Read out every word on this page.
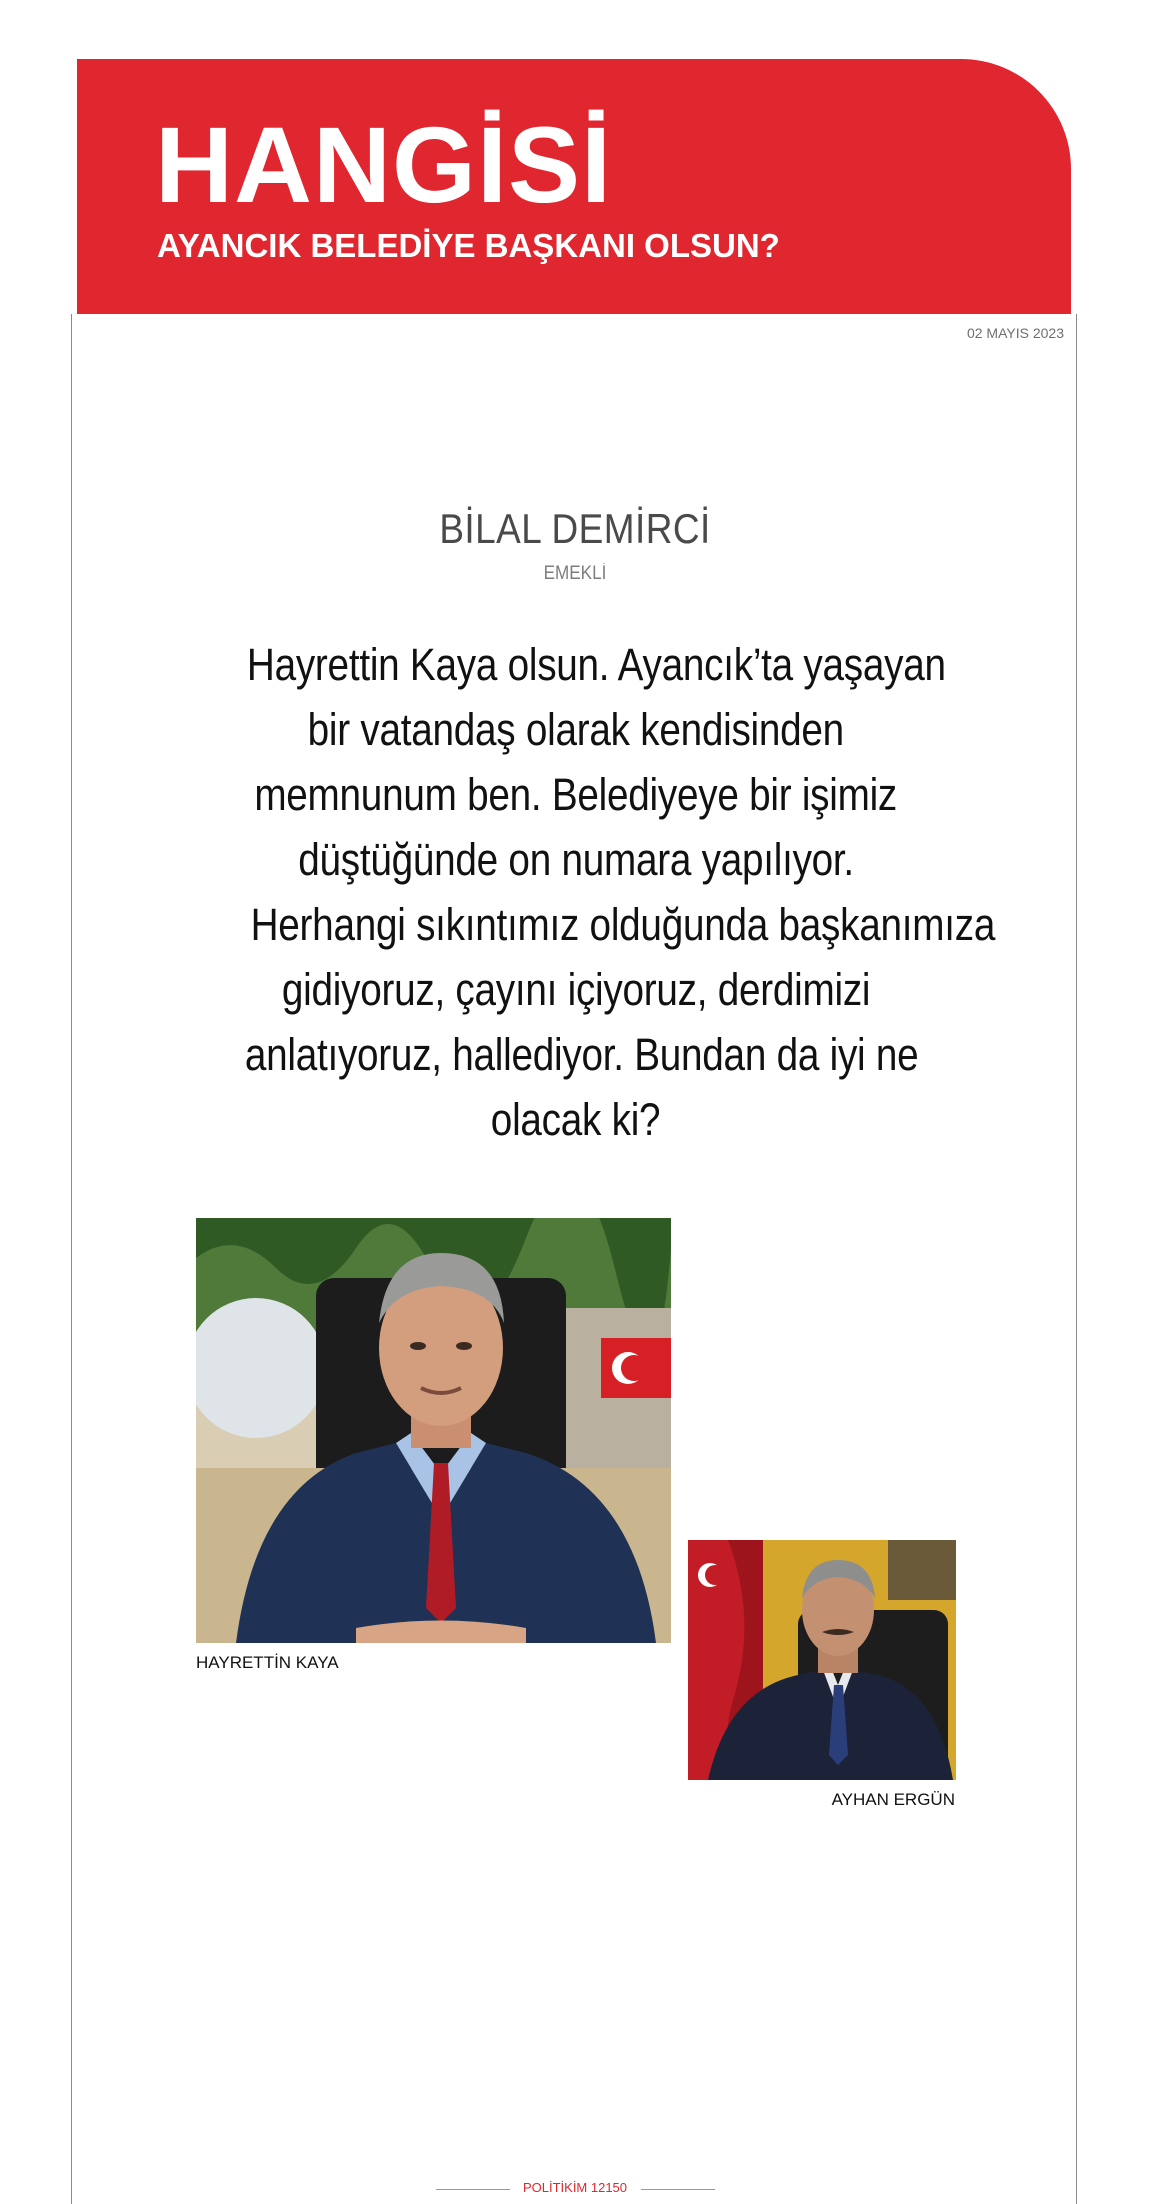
HANGİSİ
AYANCIK BELEDİYE BAŞKANI OLSUN?
02 MAYIS 2023
BİLAL DEMİRCİ
EMEKLİ

Hayrettin Kaya olsun. Ayancık’ta yaşayan
bir vatandaş olarak kendisinden
memnunum ben. Belediyeye bir işimiz
düştüğünde on numara yapılıyor.
Herhangi sıkıntımız olduğunda başkanımıza
gidiyoruz, çayını içiyoruz, derdimizi
anlatıyoruz, hallediyor. Bundan da iyi ne
olacak ki?

HAYRETTİN KAYA
AYHAN ERGÜN
POLİTİKİM 12150
